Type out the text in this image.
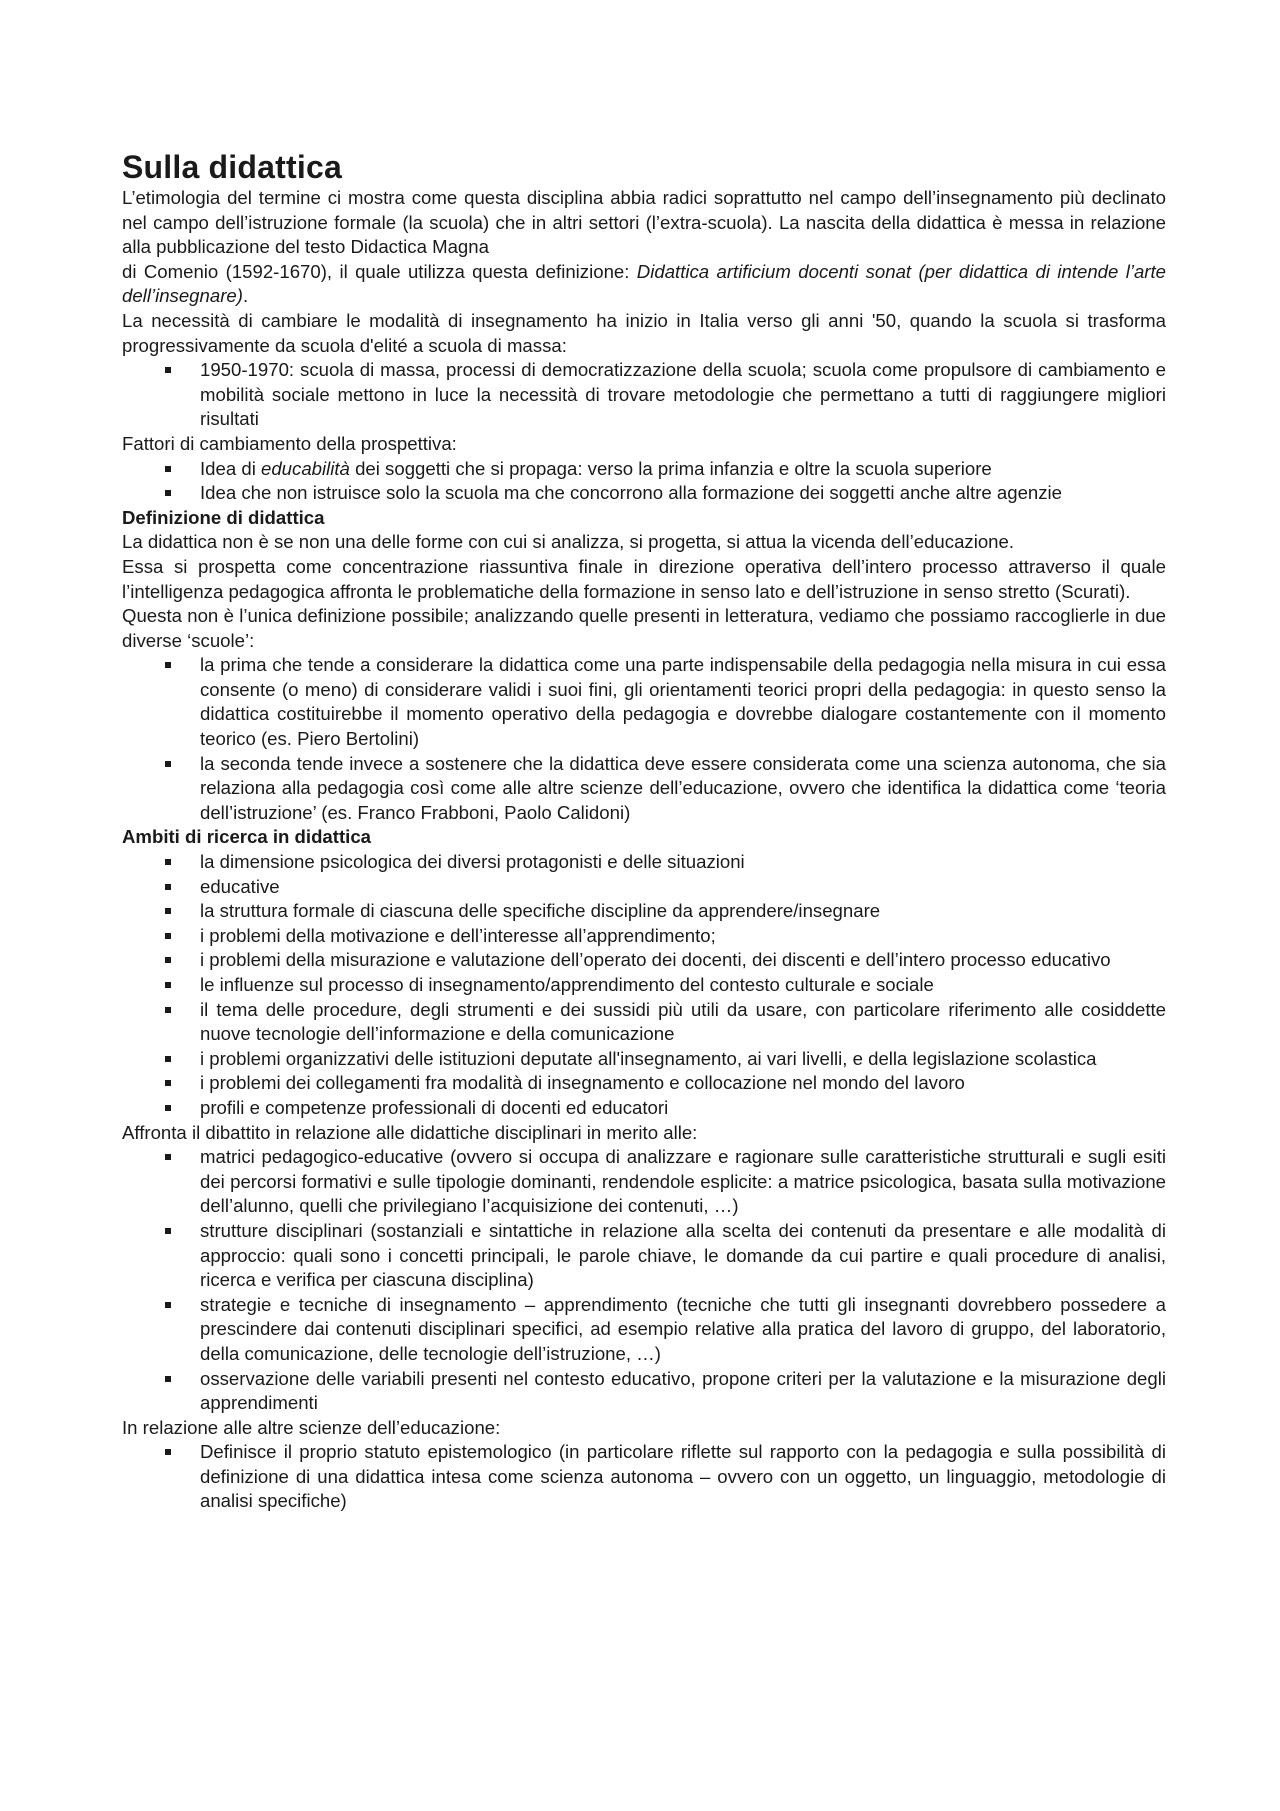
Sulla didattica

L’etimologia del termine ci mostra come questa disciplina abbia radici soprattutto nel campo dell’insegnamento più declinato nel campo dell’istruzione formale (la scuola) che in altri settori (l’extra-scuola). La nascita della didattica è messa in relazione alla pubblicazione del testo Didactica Magna

di Comenio (1592-1670), il quale utilizza questa definizione: Didattica artificium docenti sonat (per didattica di intende l’arte dell’insegnare).

La necessità di cambiare le modalità di insegnamento ha inizio in Italia verso gli anni '50, quando la scuola si trasforma progressivamente da scuola d'elité a scuola di massa:

1950-1970: scuola di massa, processi di democratizzazione della scuola; scuola come propulsore di cambiamento e mobilità sociale mettono in luce la necessità di trovare metodologie che permettano a tutti di raggiungere migliori risultati

Fattori di cambiamento della prospettiva:

Idea di educabilità dei soggetti che si propaga: verso la prima infanzia e oltre la scuola superiore
Idea che non istruisce solo la scuola ma che concorrono alla formazione dei soggetti anche altre agenzie
Definizione di didattica

La didattica non è se non una delle forme con cui si analizza, si progetta, si attua la vicenda dell’educazione.

Essa si prospetta come concentrazione riassuntiva finale in direzione operativa dell’intero processo attraverso il quale l’intelligenza pedagogica affronta le problematiche della formazione in senso lato e dell’istruzione in senso stretto (Scurati).

Questa non è l’unica definizione possibile; analizzando quelle presenti in letteratura, vediamo che possiamo raccoglierle in due diverse ‘scuole’:

la prima che tende a considerare la didattica come una parte indispensabile della pedagogia nella misura in cui essa consente (o meno) di considerare validi i suoi fini, gli orientamenti teorici propri della pedagogia: in questo senso la didattica costituirebbe il momento operativo della pedagogia e dovrebbe dialogare costantemente con il momento teorico (es. Piero Bertolini)
la seconda tende invece a sostenere che la didattica deve essere considerata come una scienza autonoma, che sia relaziona alla pedagogia così come alle altre scienze dell’educazione, ovvero che identifica la didattica come ‘teoria dell’istruzione’ (es. Franco Frabboni, Paolo Calidoni)
Ambiti di ricerca in didattica
la dimensione psicologica dei diversi protagonisti e delle situazioni
educative
la struttura formale di ciascuna delle specifiche discipline da apprendere/insegnare
i problemi della motivazione e dell’interesse all’apprendimento;
i problemi della misurazione e valutazione dell’operato dei docenti, dei discenti e dell’intero processo educativo
le influenze sul processo di insegnamento/apprendimento del contesto culturale e sociale
il tema delle procedure, degli strumenti e dei sussidi più utili da usare, con particolare riferimento alle cosiddette nuove tecnologie dell’informazione e della comunicazione
i problemi organizzativi delle istituzioni deputate all'insegnamento, ai vari livelli, e della legislazione scolastica
i problemi dei collegamenti fra modalità di insegnamento e collocazione nel mondo del lavoro
profili e competenze professionali di docenti ed educatori

Affronta il dibattito in relazione alle didattiche disciplinari in merito alle:

matrici pedagogico-educative (ovvero si occupa di analizzare e ragionare sulle caratteristiche strutturali e sugli esiti dei percorsi formativi e sulle tipologie dominanti, rendendole esplicite: a matrice psicologica, basata sulla motivazione dell’alunno, quelli che privilegiano l’acquisizione dei contenuti, …)
strutture disciplinari (sostanziali e sintattiche in relazione alla scelta dei contenuti da presentare e alle modalità di approccio: quali sono i concetti principali, le parole chiave, le domande da cui partire e quali procedure di analisi, ricerca e verifica per ciascuna disciplina)
strategie e tecniche di insegnamento – apprendimento (tecniche che tutti gli insegnanti dovrebbero possedere a prescindere dai contenuti disciplinari specifici, ad esempio relative alla pratica del lavoro di gruppo, del laboratorio, della comunicazione, delle tecnologie dell’istruzione, …)
osservazione delle variabili presenti nel contesto educativo, propone criteri per la valutazione e la misurazione degli apprendimenti

In relazione alle altre scienze dell’educazione:

Definisce il proprio statuto epistemologico (in particolare riflette sul rapporto con la pedagogia e sulla possibilità di definizione di una didattica intesa come scienza autonoma – ovvero con un oggetto, un linguaggio, metodologie di analisi specifiche)
